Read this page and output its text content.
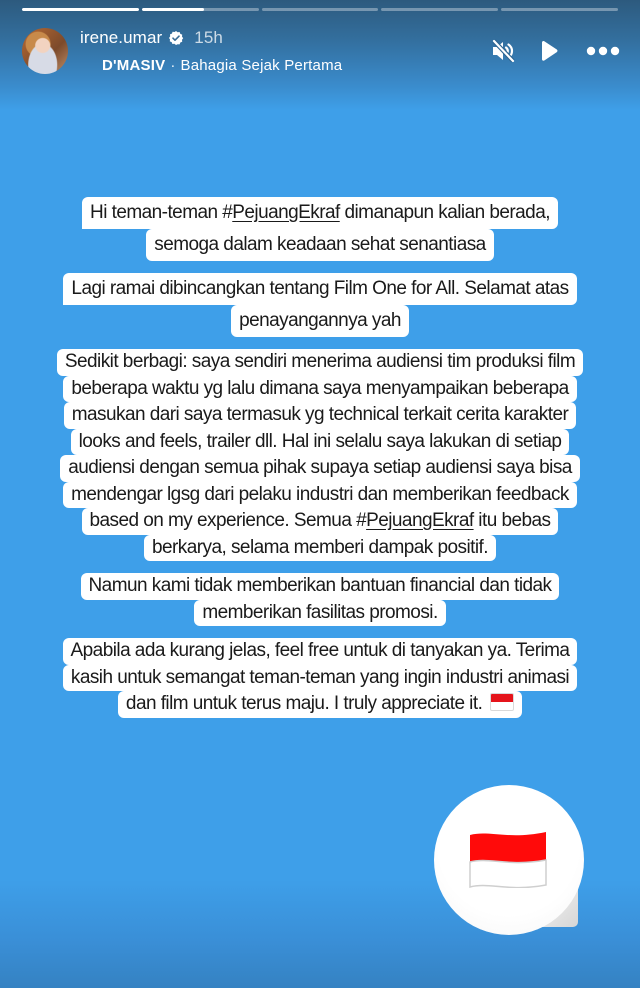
irene.umar 15h
D'MASIV · Bahagia Sejak Pertama
Hi teman-teman #PejuangEkraf dimanapun kalian berada,
semoga dalam keadaan sehat senantiasa
Lagi ramai dibincangkan tentang Film One for All. Selamat atas
penayangannya yah
Sedikit berbagi: saya sendiri menerima audiensi tim produksi film
beberapa waktu yg lalu dimana saya menyampaikan beberapa
masukan dari saya termasuk yg technical terkait cerita karakter
looks and feels, trailer dll. Hal ini selalu saya lakukan di setiap
audiensi dengan semua pihak supaya setiap audiensi saya bisa
mendengar lgsg dari pelaku industri dan memberikan feedback
based on my experience. Semua #PejuangEkraf itu bebas
berkarya, selama memberi dampak positif.
Namun kami tidak memberikan bantuan financial dan tidak
memberikan fasilitas promosi.
Apabila ada kurang jelas, feel free untuk di tanyakan ya. Terima
kasih untuk semangat teman-teman yang ingin industri animasi
dan film untuk terus maju. I truly appreciate it.
